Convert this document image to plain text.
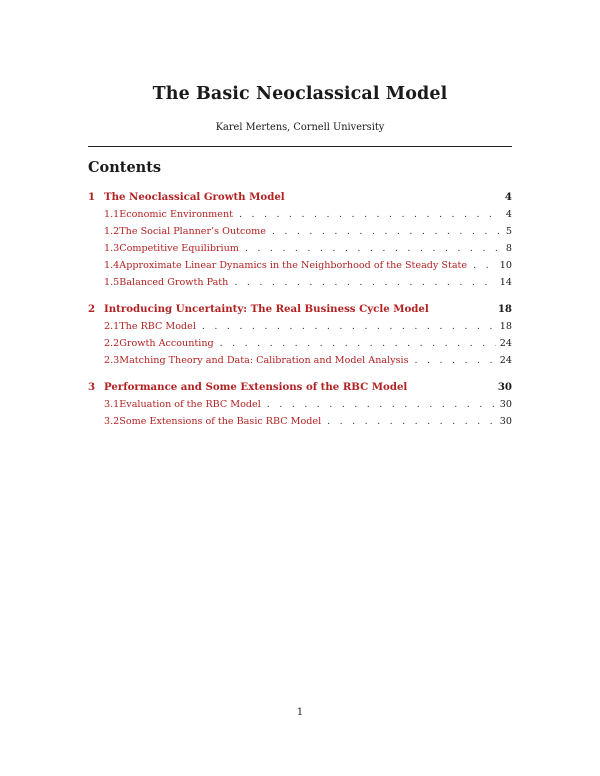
The Basic Neoclassical Model
Karel Mertens, Cornell University
Contents
1 The Neoclassical Growth Model	4
1.1 Economic Environment . . .	4
1.2 The Social Planner’s Outcome . . .	5
1.3 Competitive Equilibrium . . .	8
1.4 Approximate Linear Dynamics in the Neighborhood of the Steady State . . .	10
1.5 Balanced Growth Path . . .	14
2 Introducing Uncertainty: The Real Business Cycle Model	18
2.1 The RBC Model . . .	18
2.2 Growth Accounting . . .	24
2.3 Matching Theory and Data: Calibration and Model Analysis . . .	24
3 Performance and Some Extensions of the RBC Model	30
3.1 Evaluation of the RBC Model . . .	30
3.2 Some Extensions of the Basic RBC Model . . .	30
1
